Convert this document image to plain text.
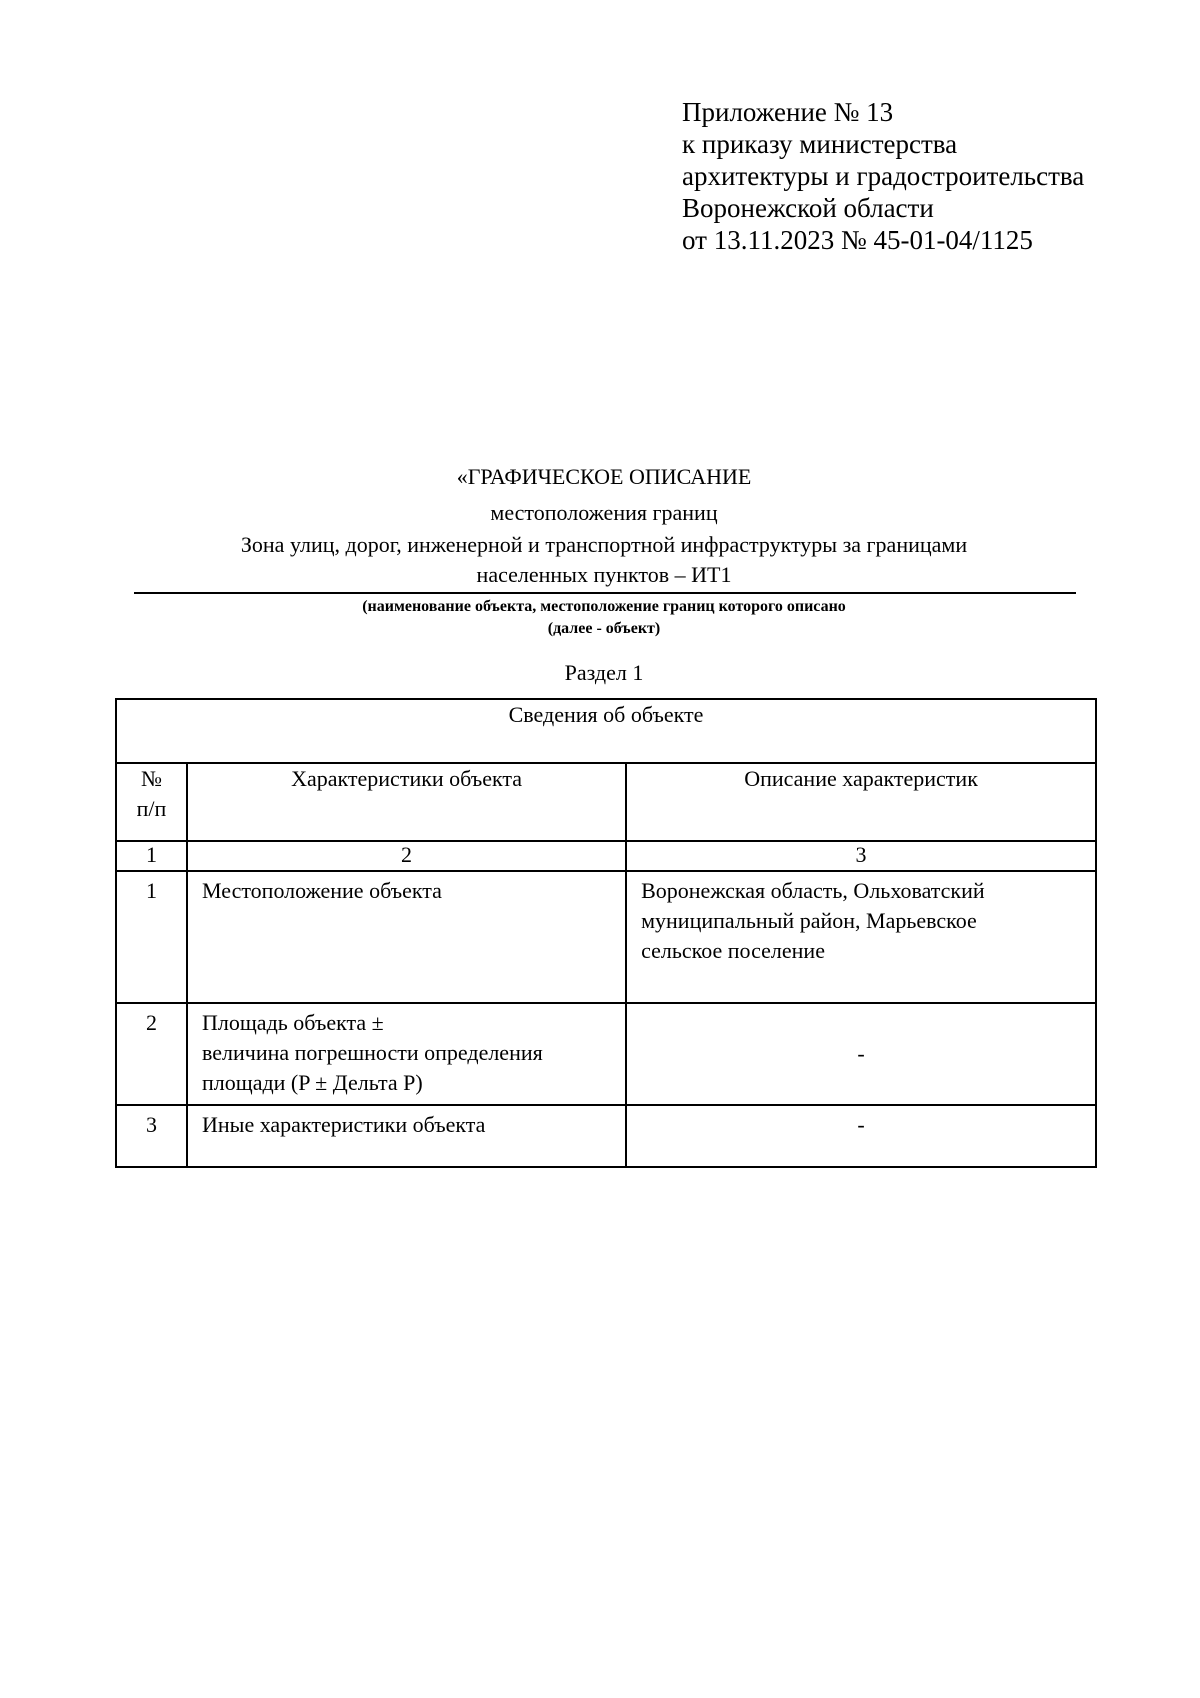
Приложение № 13
к приказу министерства
архитектуры и градостроительства
Воронежской области
от 13.11.2023 № 45-01-04/1125
«ГРАФИЧЕСКОЕ ОПИСАНИЕ
местоположения границ
Зона улиц, дорог, инженерной и транспортной инфраструктуры за границами
населенных пунктов – ИТ1
(наименование объекта, местоположение границ которого описано
(далее - объект)
Раздел 1
Сведения об объекте		

№
п/п	Характеристики объекта	Описание характеристик
1	2	3
1	Местоположение объекта	Воронежская область, Ольховатский
муниципальный район, Марьевское
сельское поселение

2	Площадь объекта ±
величина погрешности определения
площади (P ± Дельта P)	-

3	Иные характеристики объекта	-
